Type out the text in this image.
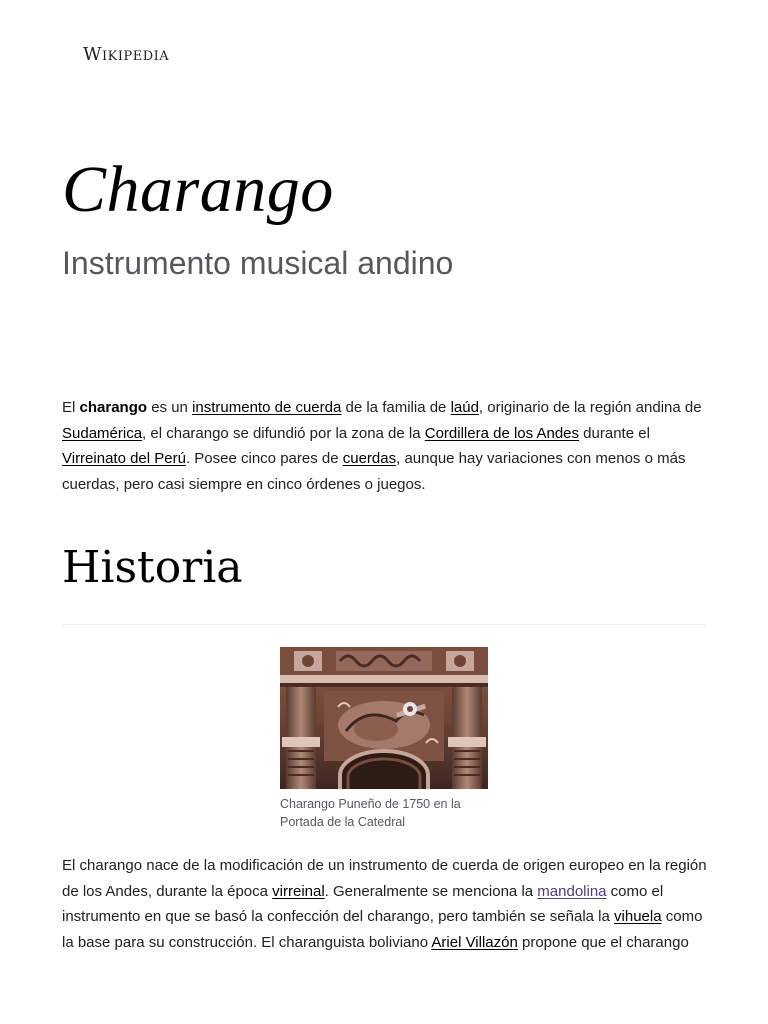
Wikipedia
Charango
Instrumento musical andino

El charango es un instrumento de cuerda de la familia de laúd, originario de la región andina de Sudamérica, el charango se difundió por la zona de la Cordillera de los Andes durante el Virreinato del Perú. Posee cinco pares de cuerdas, aunque hay variaciones con menos o más cuerdas, pero casi siempre en cinco órdenes o juegos.

Historia
Charango Puneño de 1750 en la Portada de la Catedral

El charango nace de la modificación de un instrumento de cuerda de origen europeo en la región de los Andes, durante la época virreinal. Generalmente se menciona la mandolina como el instrumento en que se basó la confección del charango, pero también se señala la vihuela como la base para su construcción. El charanguista boliviano Ariel Villazón propone que el charango
